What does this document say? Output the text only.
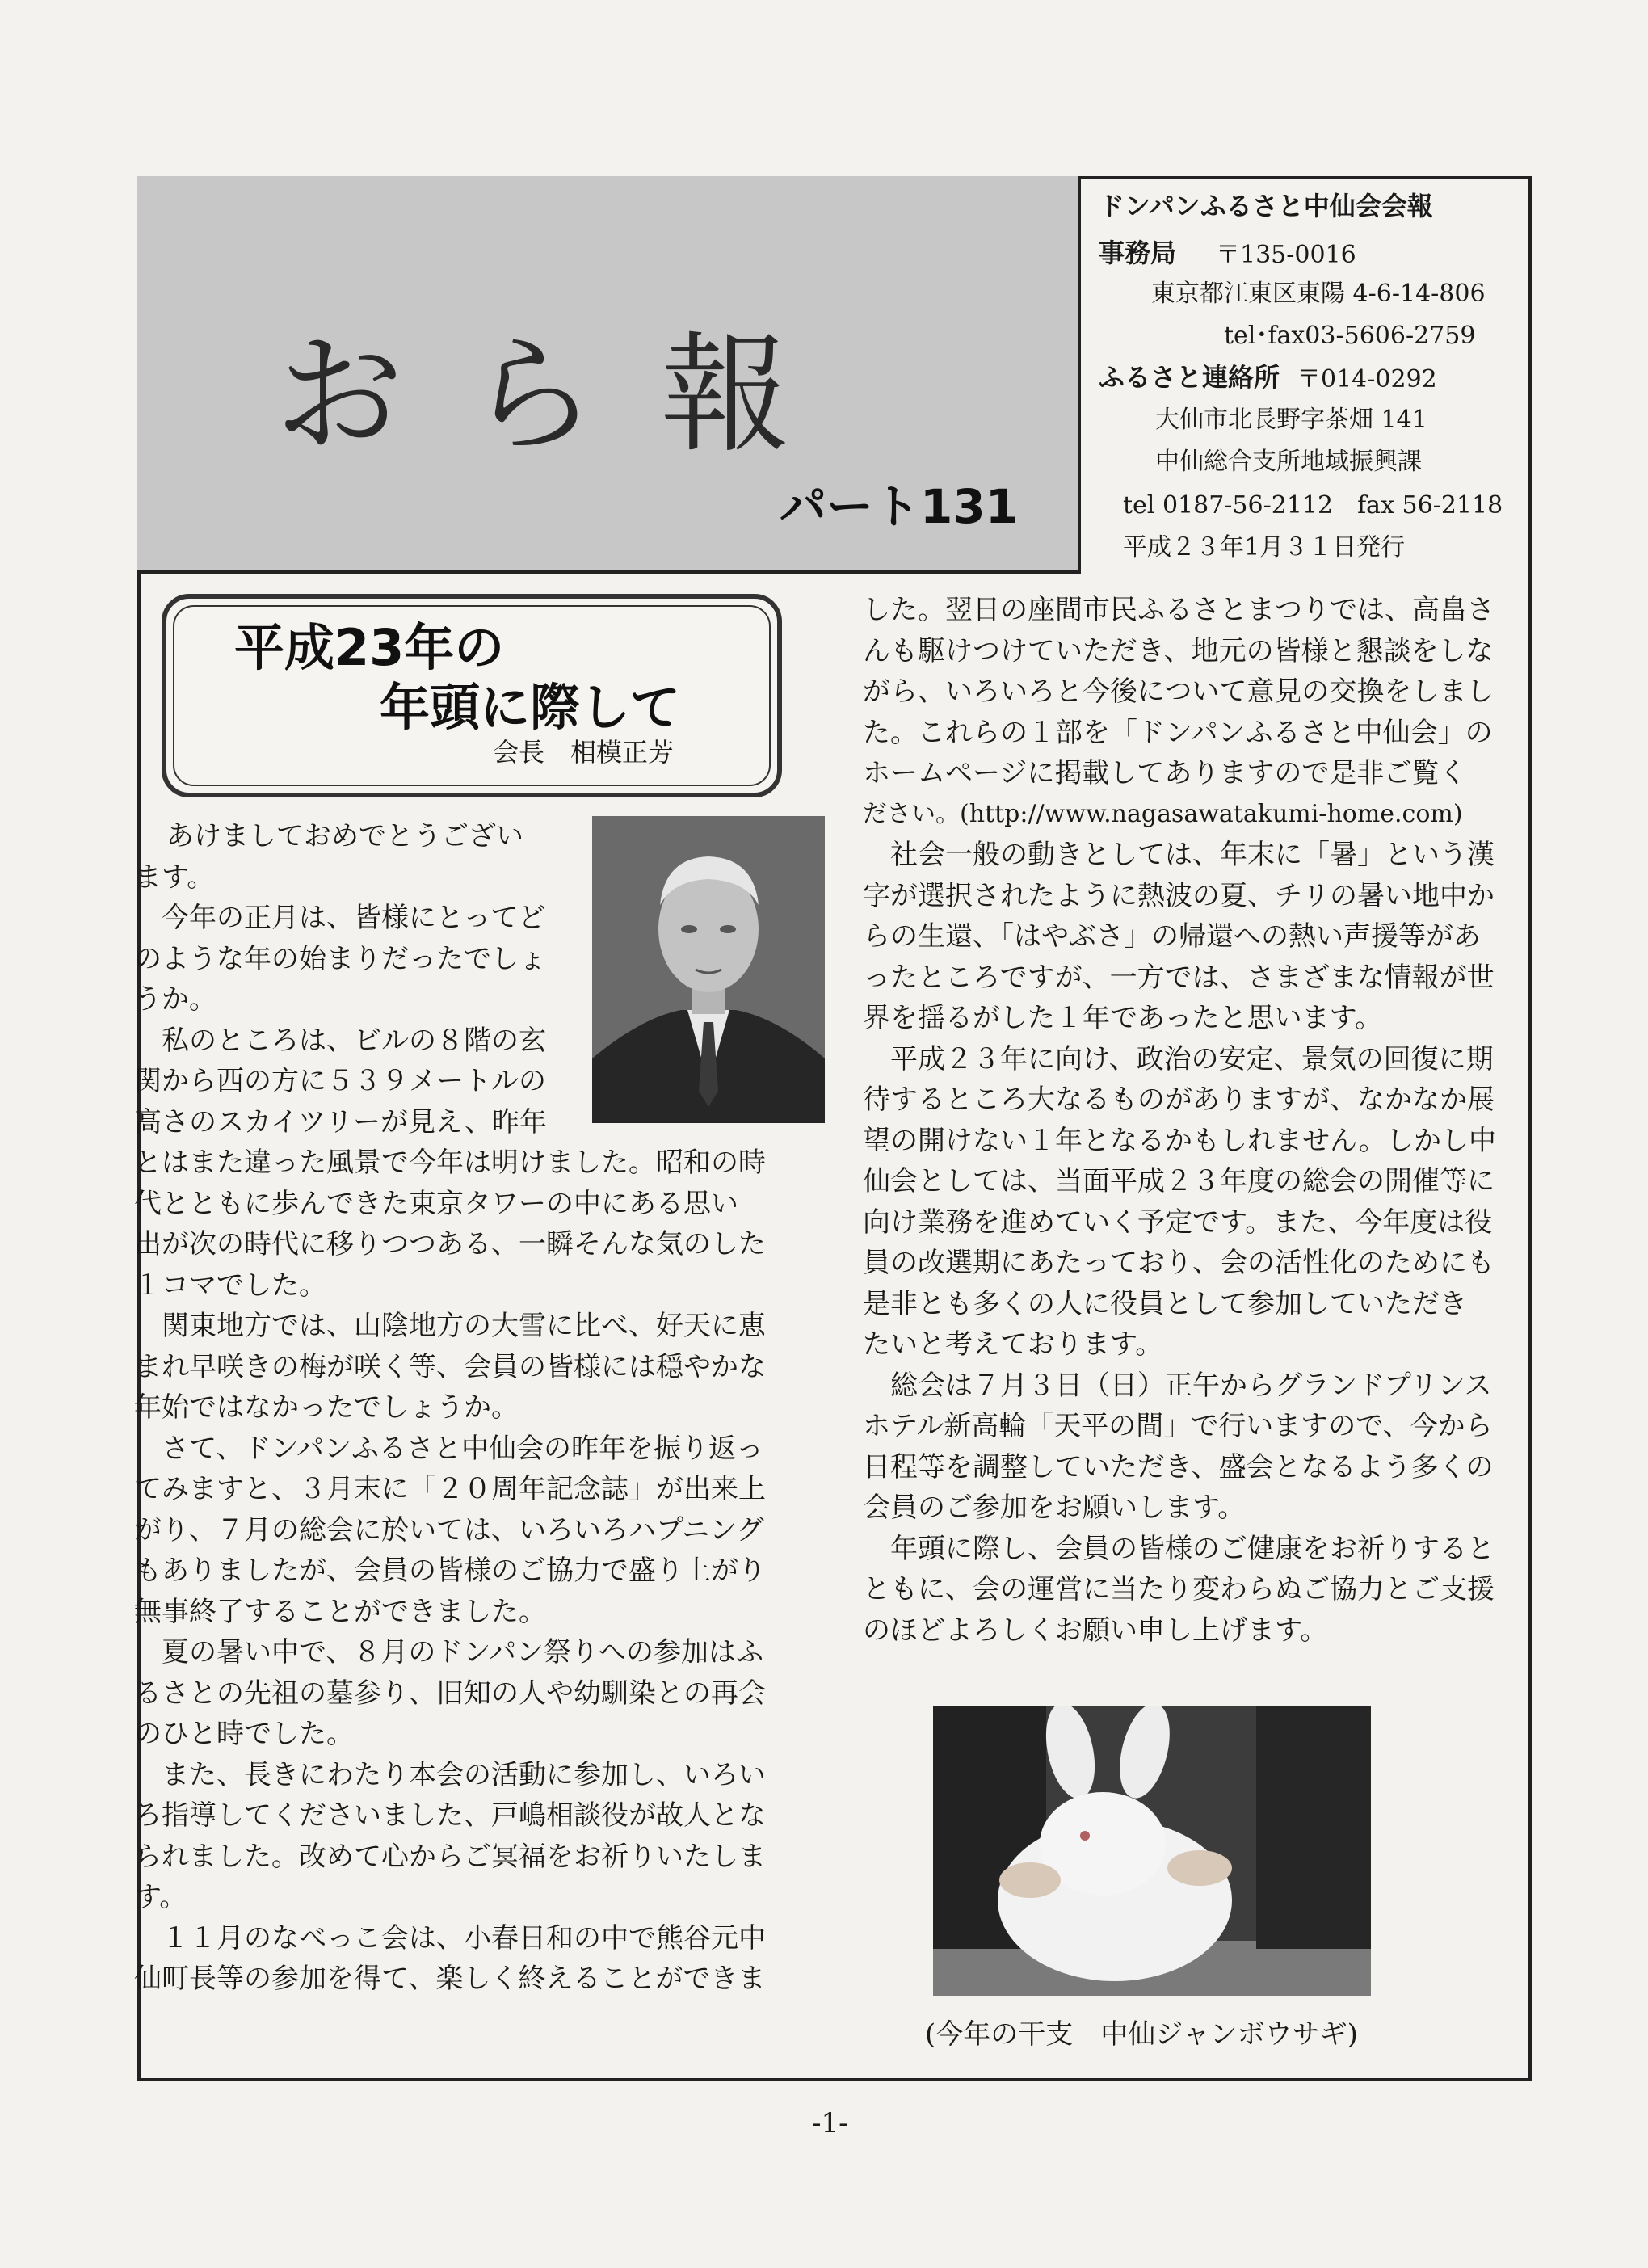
お ら 報
パート131
ドンパンふるさと中仙会会報
事務局 〒135-0016
東京都江東区東陽 4-6-14-806
tel･fax03-5606-2759
ふるさと連絡所 〒014-0292
大仙市北長野字茶畑 141
中仙総合支所地域振興課
tel 0187-56-2112　fax 56-2118
平成２３年1月３１日発行
平成23年の
年頭に際して
会長　相模正芳
あけましておめでとうござい
ます。
　今年の正月は、皆様にとってど
のような年の始まりだったでしょ
うか。
　私のところは、ビルの８階の玄
関から西の方に５３９メートルの
高さのスカイツリーが見え、昨年
とはまた違った風景で今年は明けました。昭和の時
代とともに歩んできた東京タワーの中にある思い
出が次の時代に移りつつある、一瞬そんな気のした
１コマでした。
　関東地方では、山陰地方の大雪に比べ、好天に恵
まれ早咲きの梅が咲く等、会員の皆様には穏やかな
年始ではなかったでしょうか。
　さて、ドンパンふるさと中仙会の昨年を振り返っ
てみますと、３月末に「２０周年記念誌」が出来上
がり、７月の総会に於いては、いろいろハプニング
もありましたが、会員の皆様のご協力で盛り上がり
無事終了することができました。
　夏の暑い中で、８月のドンパン祭りへの参加はふ
るさとの先祖の墓参り、旧知の人や幼馴染との再会
のひと時でした。
　また、長きにわたり本会の活動に参加し、いろい
ろ指導してくださいました、戸嶋相談役が故人とな
られました。改めて心からご冥福をお祈りいたしま
す。
　１１月のなべっこ会は、小春日和の中で熊谷元中
仙町長等の参加を得て、楽しく終えることができま
した。翌日の座間市民ふるさとまつりでは、高畠さ
んも駆けつけていただき、地元の皆様と懇談をしな
がら、いろいろと今後について意見の交換をしまし
た。これらの１部を「ドンパンふるさと中仙会」の
ホームページに掲載してありますので是非ご覧く
ださい。(http://www.nagasawatakumi-home.com)
　社会一般の動きとしては、年末に「暑」という漢
字が選択されたように熱波の夏、チリの暑い地中か
らの生還、「はやぶさ」の帰還への熱い声援等があ
ったところですが、一方では、さまざまな情報が世
界を揺るがした１年であったと思います。
　平成２３年に向け、政治の安定、景気の回復に期
待するところ大なるものがありますが、なかなか展
望の開けない１年となるかもしれません。しかし中
仙会としては、当面平成２３年度の総会の開催等に
向け業務を進めていく予定です。また、今年度は役
員の改選期にあたっており、会の活性化のためにも
是非とも多くの人に役員として参加していただき
たいと考えております。
　総会は７月３日（日）正午からグランドプリンス
ホテル新高輪「天平の間」で行いますので、今から
日程等を調整していただき、盛会となるよう多くの
会員のご参加をお願いします。
　年頭に際し、会員の皆様のご健康をお祈りすると
ともに、会の運営に当たり変わらぬご協力とご支援
のほどよろしくお願い申し上げます。
(今年の干支　中仙ジャンボウサギ)
-1-
